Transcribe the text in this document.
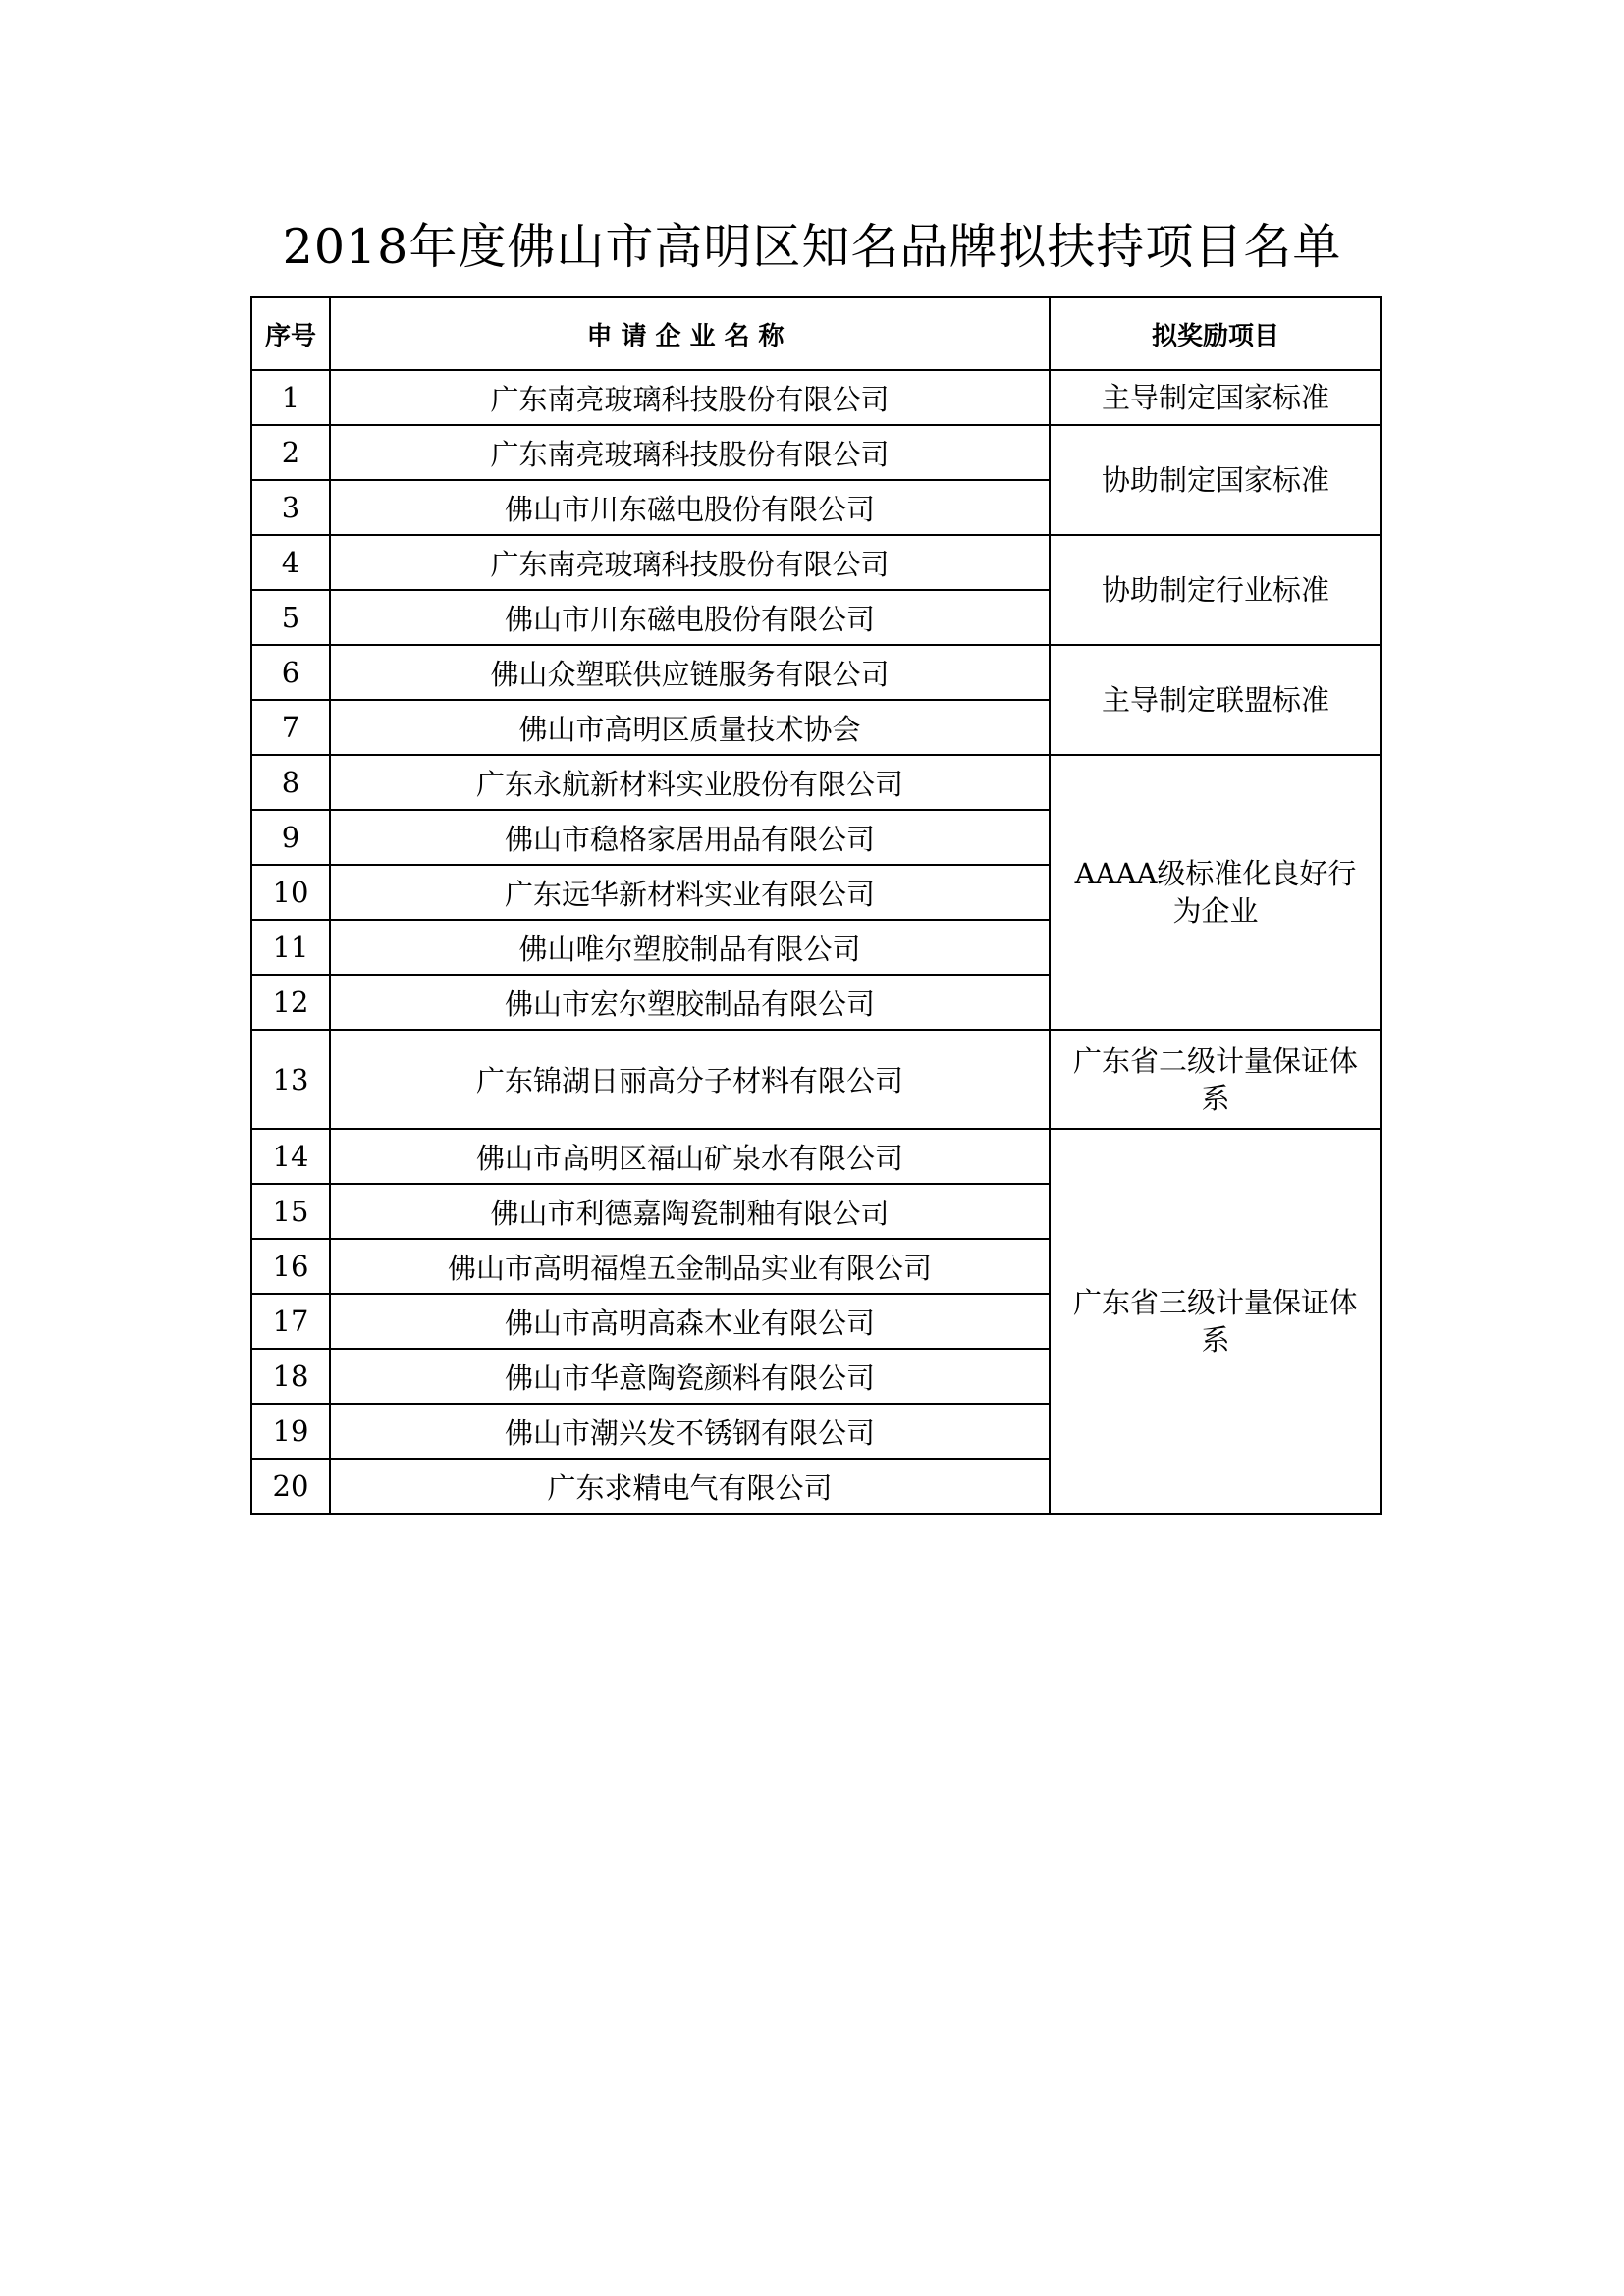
2018年度佛山市高明区知名品牌拟扶持项目名单
序号	申请企业名称	拟奖励项目
1	广东南亮玻璃科技股份有限公司	主导制定国家标准
2	广东南亮玻璃科技股份有限公司	协助制定国家标准
3	佛山市川东磁电股份有限公司	
4	广东南亮玻璃科技股份有限公司	协助制定行业标准
5	佛山市川东磁电股份有限公司	
6	佛山众塑联供应链服务有限公司	主导制定联盟标准
7	佛山市高明区质量技术协会	
8	广东永航新材料实业股份有限公司	AAAA级标准化良好行为企业
9	佛山市稳格家居用品有限公司	
10	广东远华新材料实业有限公司	
11	佛山唯尔塑胶制品有限公司	
12	佛山市宏尔塑胶制品有限公司	
13	广东锦湖日丽高分子材料有限公司	广东省二级计量保证体系
14	佛山市高明区福山矿泉水有限公司	广东省三级计量保证体系
15	佛山市利德嘉陶瓷制釉有限公司	
16	佛山市高明福煌五金制品实业有限公司	
17	佛山市高明高森木业有限公司	
18	佛山市华意陶瓷颜料有限公司	
19	佛山市潮兴发不锈钢有限公司	
20	广东求精电气有限公司	
